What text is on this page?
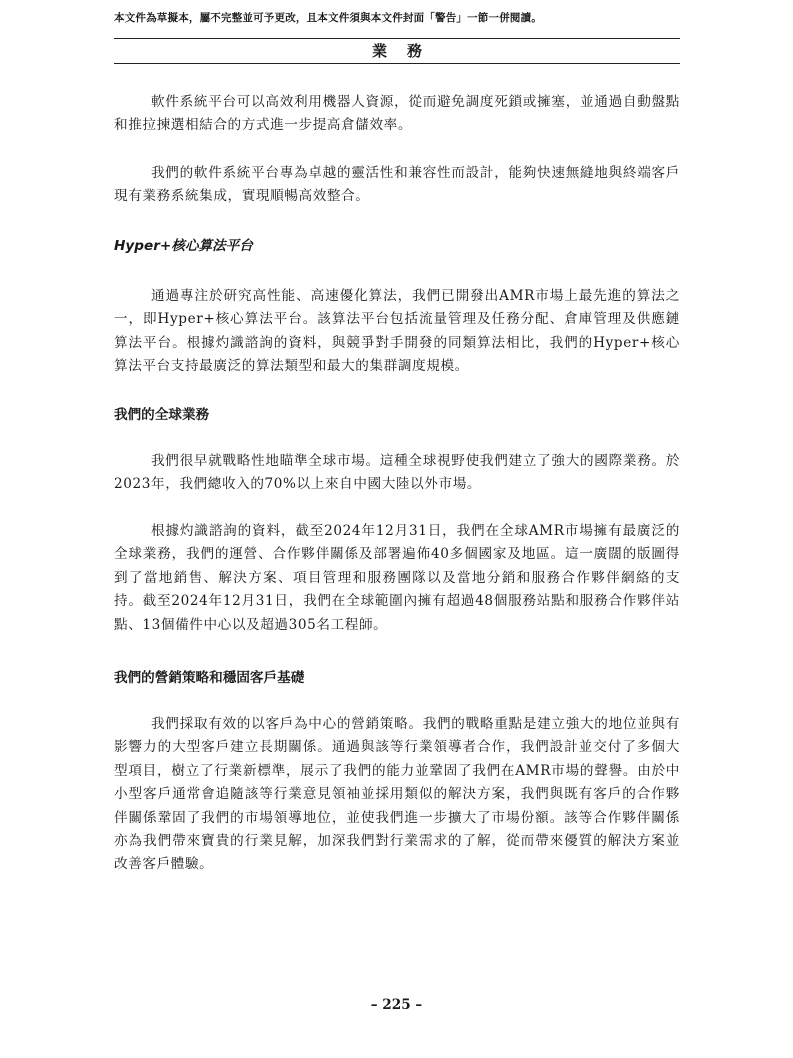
本文件為草擬本，屬不完整並可予更改，且本文件須與本文件封面「警告」一節一併閱讀。
業務

軟件系統平台可以高效利用機器人資源，從而避免調度死鎖或擁塞，並通過自動盤點和推拉揀選相結合的方式進一步提高倉儲效率。

我們的軟件系統平台專為卓越的靈活性和兼容性而設計，能夠快速無縫地與終端客戶現有業務系統集成，實現順暢高效整合。

Hyper+核心算法平台

通過專注於研究高性能、高速優化算法，我們已開發出AMR市場上最先進的算法之一，即Hyper+核心算法平台。該算法平台包括流量管理及任務分配、倉庫管理及供應鏈算法平台。根據灼識諮詢的資料，與競爭對手開發的同類算法相比，我們的Hyper+核心算法平台支持最廣泛的算法類型和最大的集群調度規模。

我們的全球業務

我們很早就戰略性地瞄準全球市場。這種全球視野使我們建立了強大的國際業務。於2023年，我們總收入的70%以上來自中國大陸以外市場。

根據灼識諮詢的資料，截至2024年12月31日，我們在全球AMR市場擁有最廣泛的全球業務，我們的運營、合作夥伴關係及部署遍佈40多個國家及地區。這一廣闊的版圖得到了當地銷售、解決方案、項目管理和服務團隊以及當地分銷和服務合作夥伴網絡的支持。截至2024年12月31日，我們在全球範圍內擁有超過48個服務站點和服務合作夥伴站點、13個備件中心以及超過305名工程師。

我們的營銷策略和穩固客戶基礎

我們採取有效的以客戶為中心的營銷策略。我們的戰略重點是建立強大的地位並與有影響力的大型客戶建立長期關係。通過與該等行業領導者合作，我們設計並交付了多個大型項目，樹立了行業新標準，展示了我們的能力並鞏固了我們在AMR市場的聲譽。由於中小型客戶通常會追隨該等行業意見領袖並採用類似的解決方案，我們與既有客戶的合作夥伴關係鞏固了我們的市場領導地位，並使我們進一步擴大了市場份額。該等合作夥伴關係亦為我們帶來寶貴的行業見解，加深我們對行業需求的了解，從而帶來優質的解決方案並改善客戶體驗。

– 225 –
